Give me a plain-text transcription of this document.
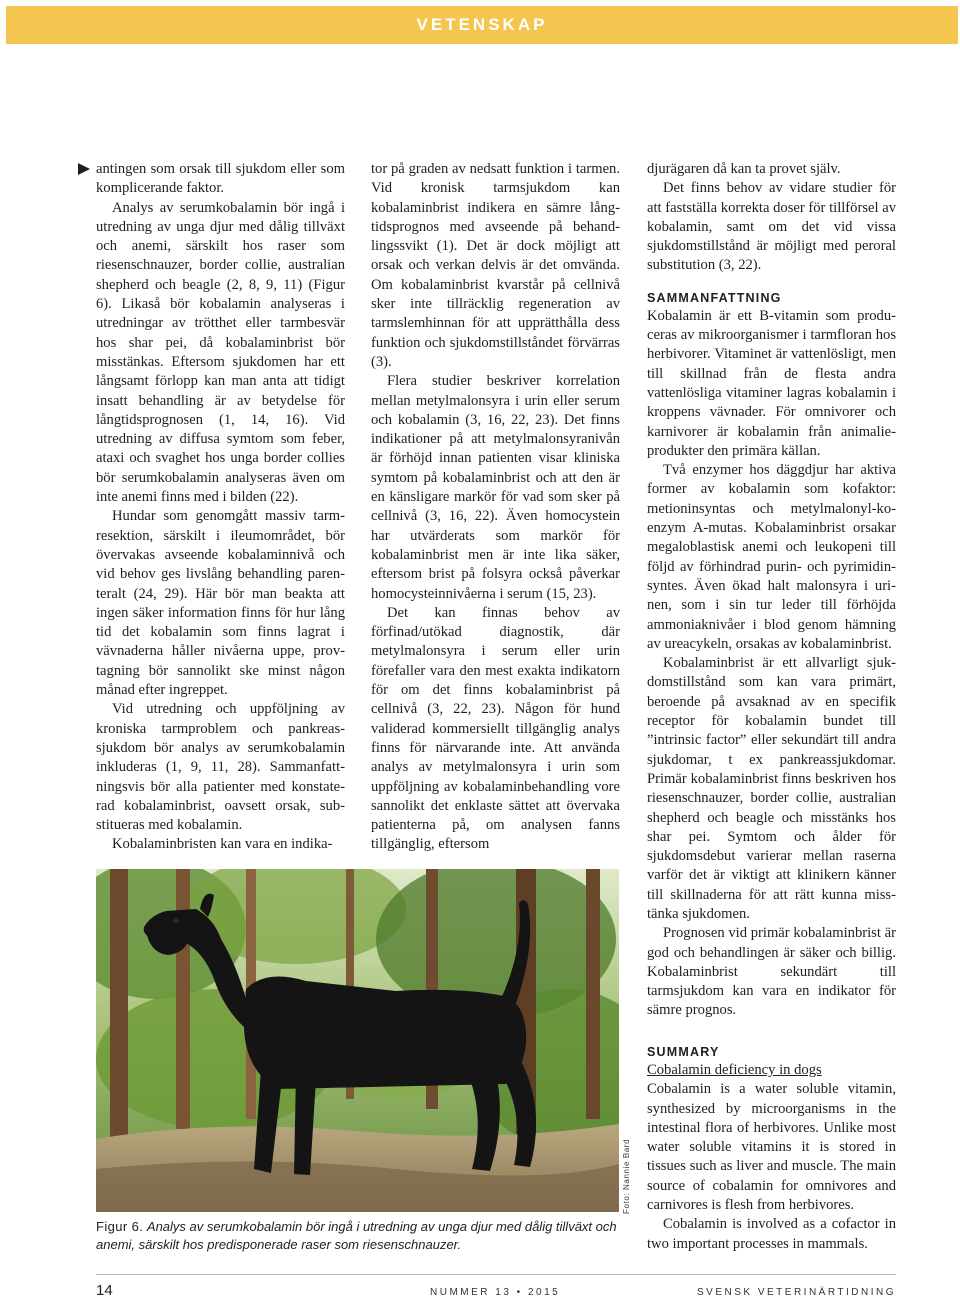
VETENSKAP

antingen som orsak till sjukdom eller som komplicerande faktor.

Analys av serumkobalamin bör ingå i utredning av unga djur med dålig tillväxt och anemi, särskilt hos raser som riesenschnauzer, border collie, australian shepherd och beagle (2, 8, 9, 11) (Figur 6). Likaså bör kobalamin analyseras i utredningar av trötthet eller tarmbesvär hos shar pei, då kobalaminbrist bör misstänkas. Eftersom sjukdomen har ett långsamt förlopp kan man anta att tidigt insatt behandling är av betydelse för långtidsprognosen (1, 14, 16). Vid utredning av diffusa symtom som feber, ataxi och svaghet hos unga border collies bör serumkobalamin analyseras även om inte anemi finns med i bilden (22).

Hundar som genomgått massiv tarmresektion, särskilt i ileumområdet, bör övervakas avseende kobalaminnivå och vid behov ges livslång behandling parenteralt (24, 29). Här bör man beakta att ingen säker information finns för hur lång tid det kobalamin som finns lagrat i vävnaderna håller nivåerna uppe, provtagning bör sannolikt ske minst någon månad efter ingreppet.

Vid utredning och uppföljning av kroniska tarmproblem och pankreassjukdom bör analys av serumkobalamin inkluderas (1, 9, 11, 28). Sammanfattningsvis bör alla patienter med konstaterad kobalaminbrist, oavsett orsak, substitueras med kobalamin.

Kobalaminbristen kan vara en indika-

tor på graden av nedsatt funktion i tarmen. Vid kronisk tarmsjukdom kan kobalaminbrist indikera en sämre långtidsprognos med avseende på behandlingssvikt (1). Det är dock möjligt att orsak och verkan delvis är det omvända. Om kobalaminbrist kvarstår på cellnivå sker inte tillräcklig regeneration av tarmslemhinnan för att upprätthålla dess funktion och sjukdomstillståndet förvärras (3).

Flera studier beskriver korrelation mellan metylmalonsyra i urin eller serum och kobalamin (3, 16, 22, 23). Det finns indikationer på att metylmalonsyranivån är förhöjd innan patienten visar kliniska symtom på kobalaminbrist och att den är en känsligare markör för vad som sker på cellnivå (3, 16, 22). Även homocystein har utvärderats som markör för kobalaminbrist men är inte lika säker, eftersom brist på folsyra också påverkar homocysteinnivåerna i serum (15, 23).

Det kan finnas behov av förfinad/utökad diagnostik, där metylmalonsyra i serum eller urin förefaller vara den mest exakta indikatorn för om det finns kobalaminbrist på cellnivå (3, 22, 23). Någon för hund validerad kommersiellt tillgänglig analys finns för närvarande inte. Att använda analys av metylmalonsyra i urin som uppföljning av kobalaminbehandling vore sannolikt det enklaste sättet att övervaka patienterna på, om analysen fanns tillgänglig, eftersom

djurägaren då kan ta provet själv.

Det finns behov av vidare studier för att fastställa korrekta doser för tillförsel av kobalamin, samt om det vid vissa sjukdomstillstånd är möjligt med peroral substitution (3, 22).

SAMMANFATTNING

Kobalamin är ett B-vitamin som produceras av mikroorganismer i tarmfloran hos herbivorer. Vitaminet är vattenlösligt, men till skillnad från de flesta andra vattenlösliga vitaminer lagras kobalamin i kroppens vävnader. För omnivorer och karnivorer är kobalamin från animalieprodukter den primära källan.

Två enzymer hos däggdjur har aktiva former av kobalamin som kofaktor: metioninsyntas och metylmalonyl-koenzym A-mutas. Kobalaminbrist orsakar megaloblastisk anemi och leukopeni till följd av förhindrad purin- och pyrimidinsyntes. Även ökad halt malonsyra i urinen, som i sin tur leder till förhöjda ammoniaknivåer i blod genom hämning av ureacykeln, orsakas av kobalaminbrist.

Kobalaminbrist är ett allvarligt sjukdomstillstånd som kan vara primärt, beroende på avsaknad av en specifik receptor för kobalamin bundet till ”intrinsic factor” eller sekundärt till andra sjukdomar, t ex pankreassjukdomar. Primär kobalaminbrist finns beskriven hos riesenschnauzer, border collie, australian shepherd och beagle och misstänks hos shar pei. Symtom och ålder för sjukdomsdebut varierar mellan raserna varför det är viktigt att klinikern känner till skillnaderna för att rätt kunna misstänka sjukdomen.

Prognosen vid primär kobalaminbrist är god och behandlingen är säker och billig. Kobalaminbrist sekundärt till tarmsjukdom kan vara en indikator för sämre prognos.

SUMMARY

Cobalamin deficiency in dogs

Cobalamin is a water soluble vitamin, synthesized by microorganisms in the intestinal flora of herbivores. Unlike most water soluble vitamins it is stored in tissues such as liver and muscle. The main source of cobalamin for omnivores and carnivores is flesh from herbivores.

Cobalamin is involved as a cofactor in two important processes in mammals.

Foto: Nannie Bard
Figur 6. Analys av serumkobalamin bör ingå i utredning av unga djur med dålig tillväxt och anemi, särskilt hos predisponerade raser som riesenschnauzer.
14	NUMMER 13 • 2015	SVENSK VETERINÄRTIDNING
